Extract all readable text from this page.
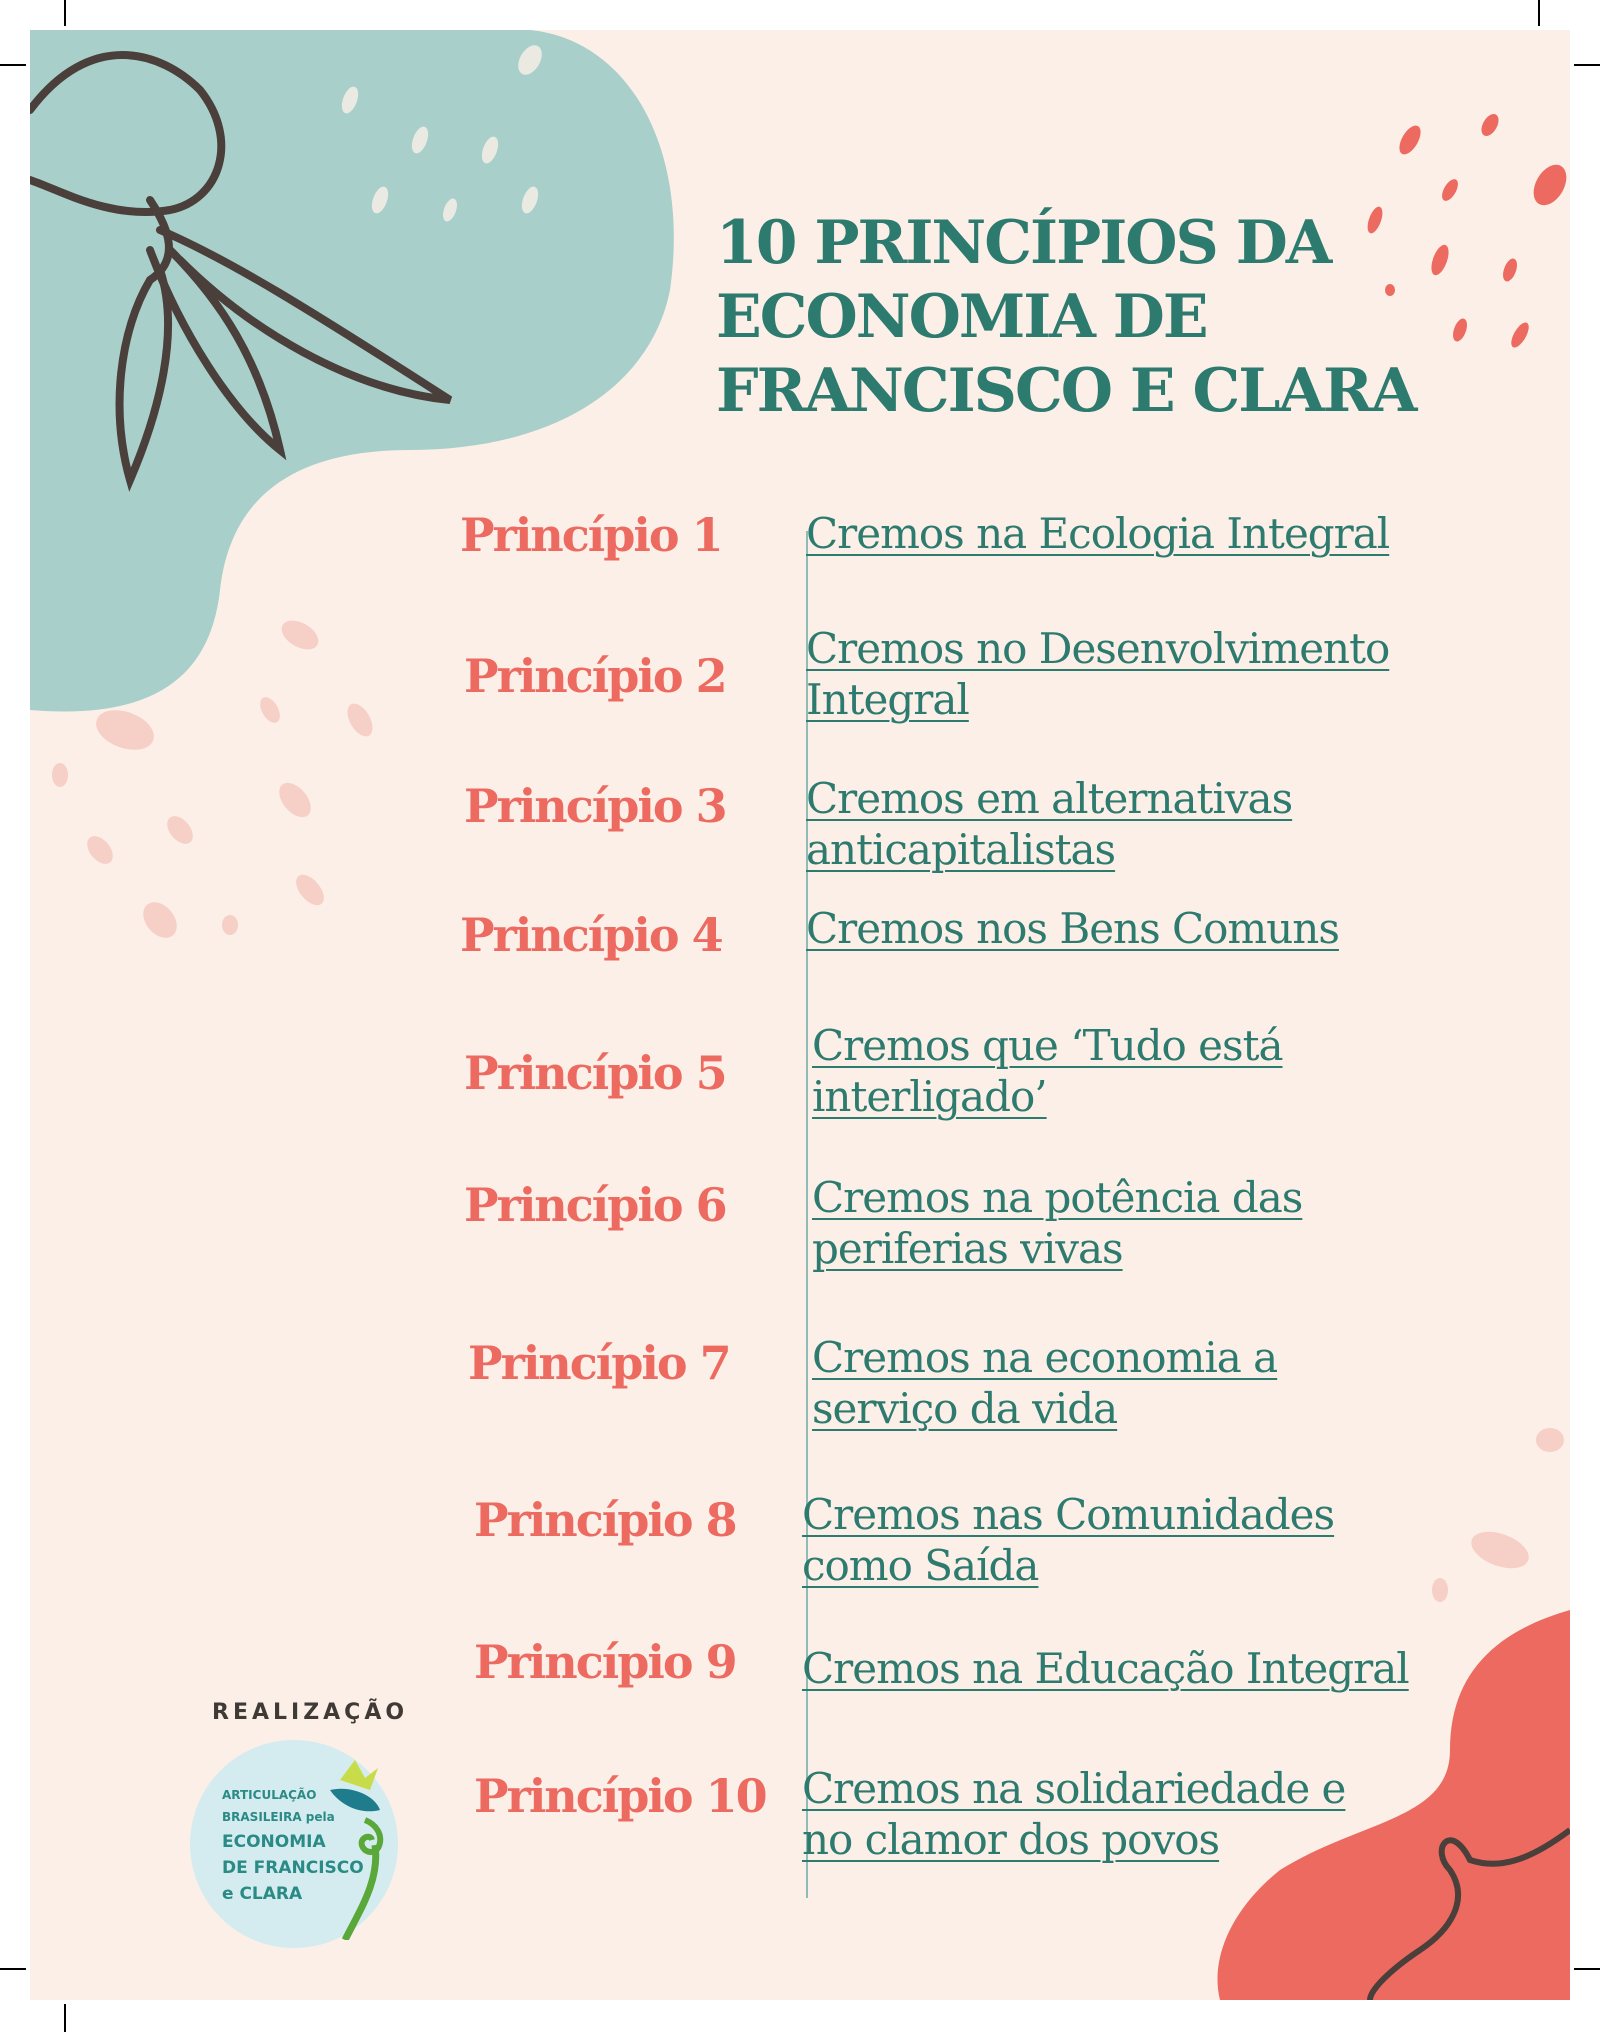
10 PRINCÍPIOS DA
ECONOMIA DE
FRANCISCO E CLARA
Princípio 1
Princípio 2
Princípio 3
Princípio 4
Princípio 5
Princípio 6
Princípio 7
Princípio 8
Princípio 9
Princípio 10
Cremos na Ecologia Integral
Cremos no Desenvolvimento
Integral
Cremos em alternativas
anticapitalistas
Cremos nos Bens Comuns
Cremos que ‘Tudo está
interligado’
Cremos na potência das
periferias vivas
Cremos na economia a
serviço da vida
Cremos nas Comunidades
como Saída
Cremos na Educação Integral
Cremos na solidariedade e
no clamor dos povos
REALIZAÇÃO
ARTICULAÇÃO
BRASILEIRA pela
ECONOMIA
DE FRANCISCO
e CLARA
